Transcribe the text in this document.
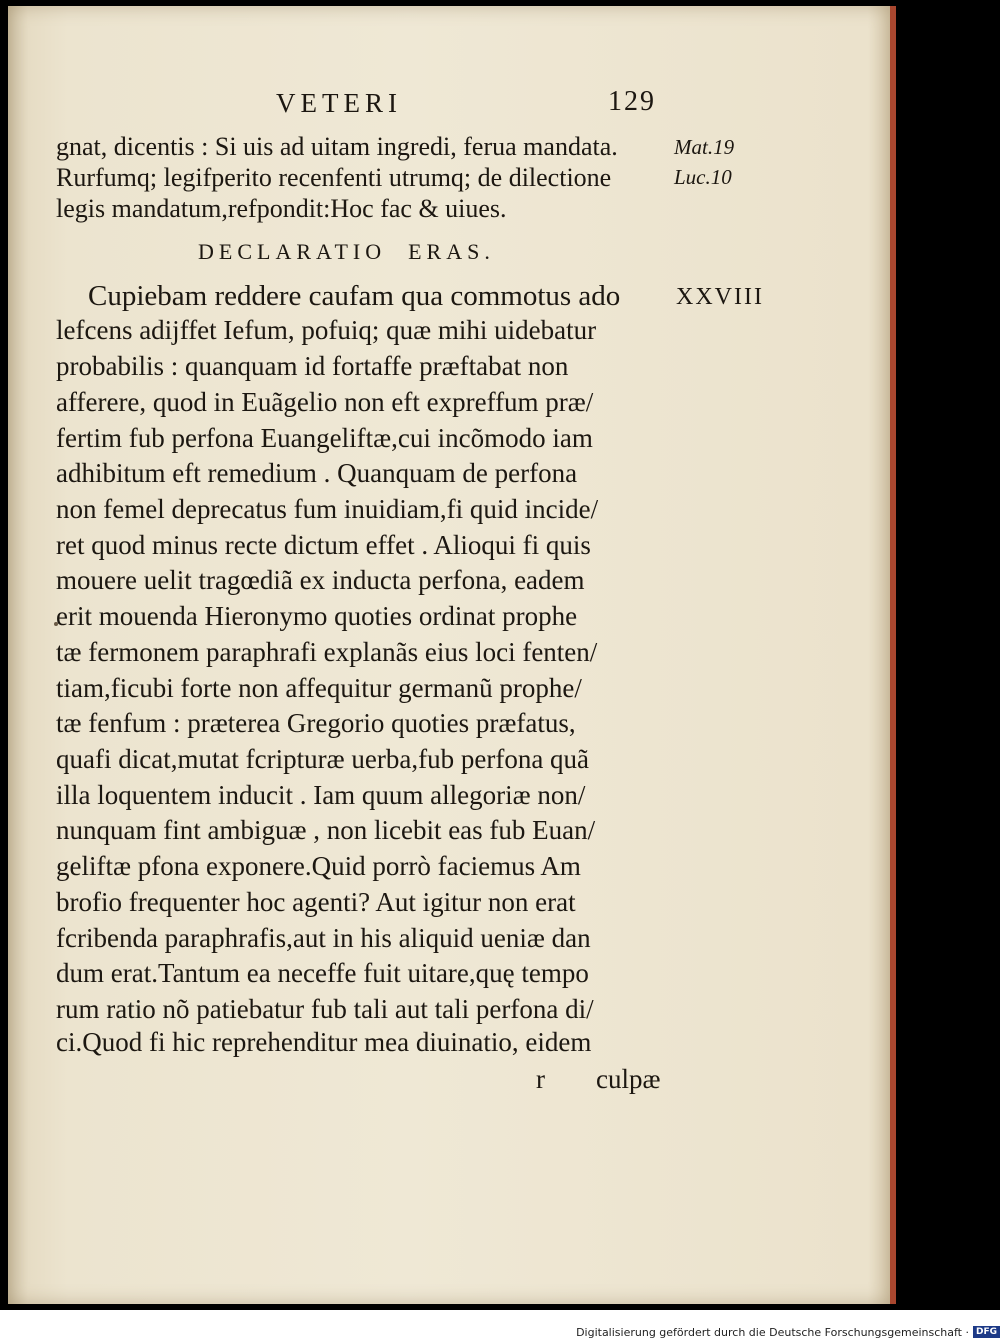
VETERI	129
gnat, dicentis : Si uis ad uitam ingredi, ferua mandata.
Rurfumq; legifperito recenfenti utrumq; de dilectione
legis mandatum,refpondit:Hoc fac & uiues.
Mat.19
Luc.10
DECLARATIO ERAS.
XXVIII
Cupiebam reddere caufam qua commotus ado
lefcens adijffet Iefum, pofuiq; quæ mihi uidebatur
probabilis : quanquam id fortaffe præftabat non
afferere, quod in Euãgelio non eft expreffum præ/
fertim fub perfona Euangeliftæ,cui incõmodo iam
adhibitum eft remedium . Quanquam de perfona
non femel deprecatus fum inuidiam,fi quid incide/
ret quod minus recte dictum effet . Alioqui fi quis
mouere uelit tragœdiã ex inducta perfona, eadem
erit mouenda Hieronymo quoties ordinat prophe
tæ fermonem paraphrafi explanãs eius loci fenten/
tiam,ficubi forte non affequitur germanũ prophe/
tæ fenfum : præterea Gregorio quoties præfatus,
quafi dicat,mutat fcripturæ uerba,fub perfona quã
illa loquentem inducit . Iam quum allegoriæ non/
nunquam fint ambiguæ , non licebit eas fub Euan/
geliftæ pfona exponere.Quid porrò faciemus Am
brofio frequenter hoc agenti? Aut igitur non erat
fcribenda paraphrafis,aut in his aliquid ueniæ dan
dum erat.Tantum ea neceffe fuit uitare,quę tempo
rum ratio nõ patiebatur fub tali aut tali perfona di/
ci.Quod fi hic reprehenditur mea diuinatio, eidem
r culpæ
Digitalisierung gefördert durch die Deutsche Forschungsgemeinschaft · DFG
